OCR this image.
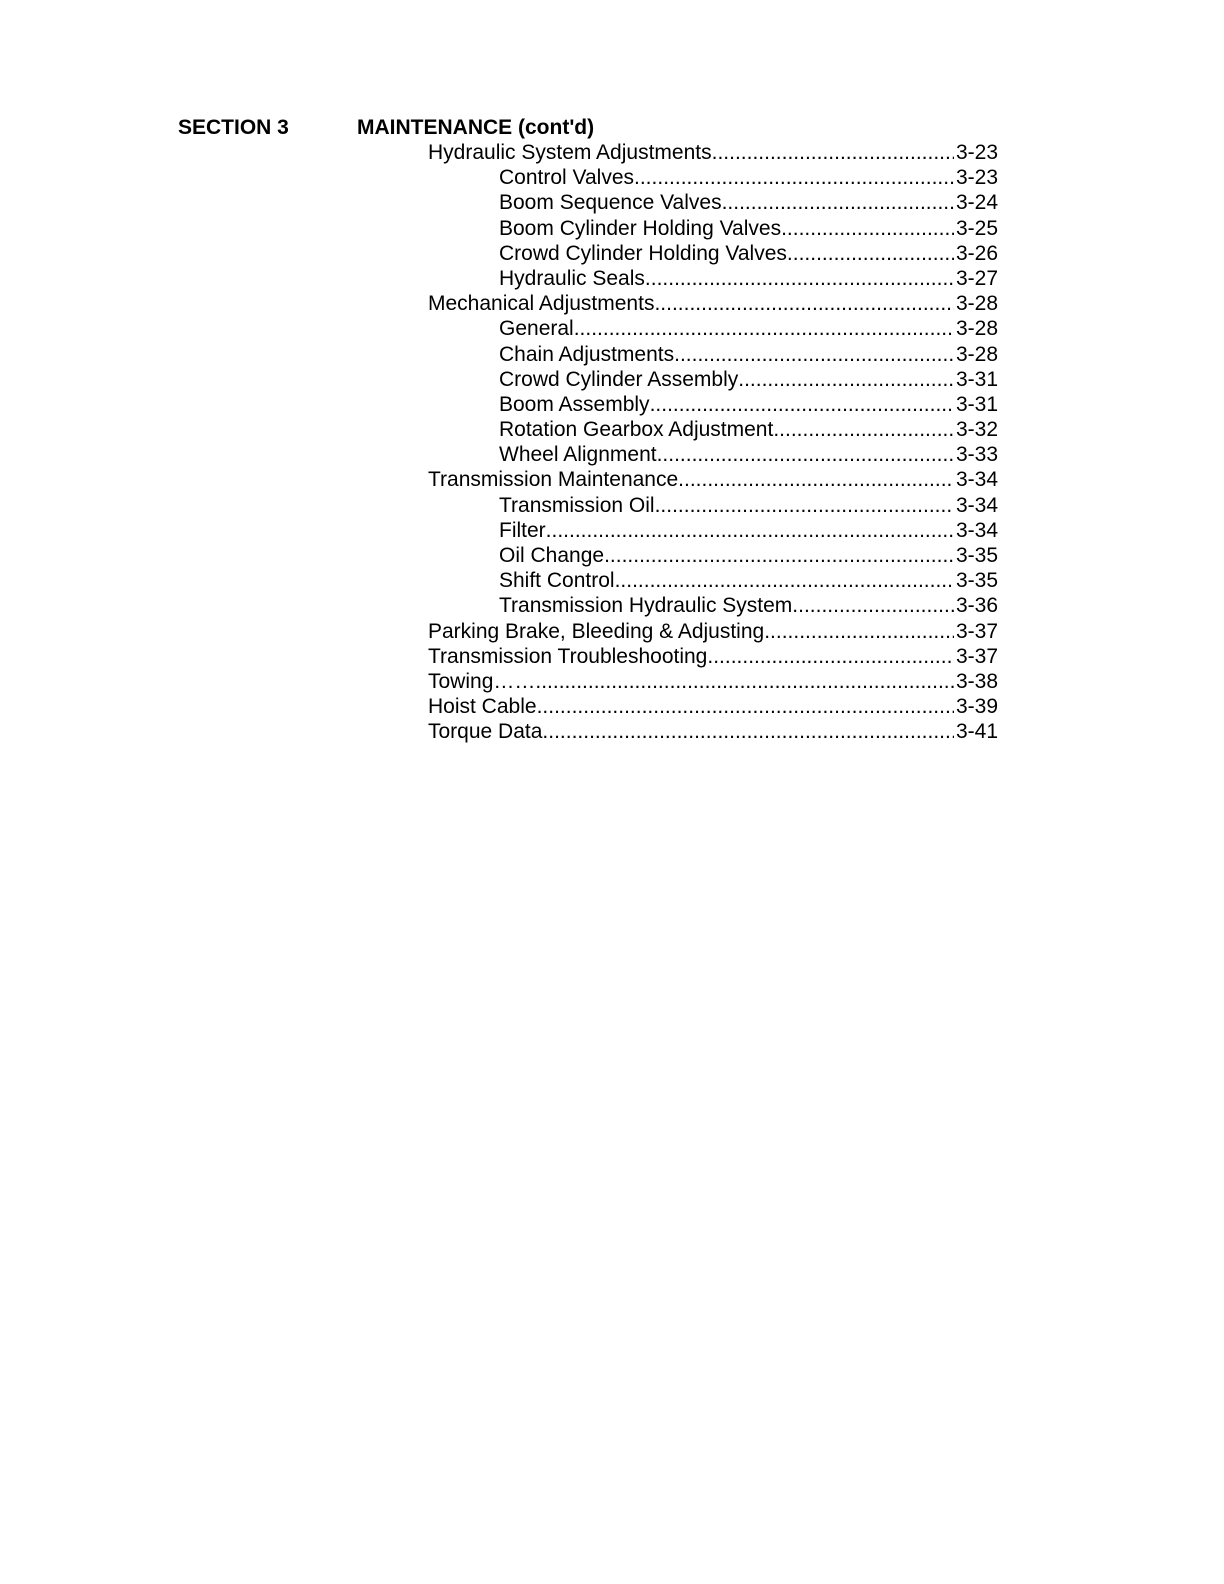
SECTION 3	MAINTENANCE (cont'd)
Hydraulic System Adjustments .....	3-23
Control Valves .....	3-23
Boom Sequence Valves .....	3-24
Boom Cylinder Holding Valves .....	3-25
Crowd Cylinder Holding Valves .....	3-26
Hydraulic Seals .....	3-27
Mechanical Adjustments .....	3-28
General .....	3-28
Chain Adjustments .....	3-28
Crowd Cylinder Assembly .....	3-31
Boom Assembly .....	3-31
Rotation Gearbox Adjustment .....	3-32
Wheel Alignment .....	3-33
Transmission Maintenance .....	3-34
Transmission Oil .....	3-34
Filter .....	3-34
Oil Change .....	3-35
Shift Control .....	3-35
Transmission Hydraulic System .....	3-36
Parking Brake, Bleeding & Adjusting .....	3-37
Transmission Troubleshooting .....	3-37
Towing…… .....	3-38
Hoist Cable .....	3-39
Torque Data .....	3-41
